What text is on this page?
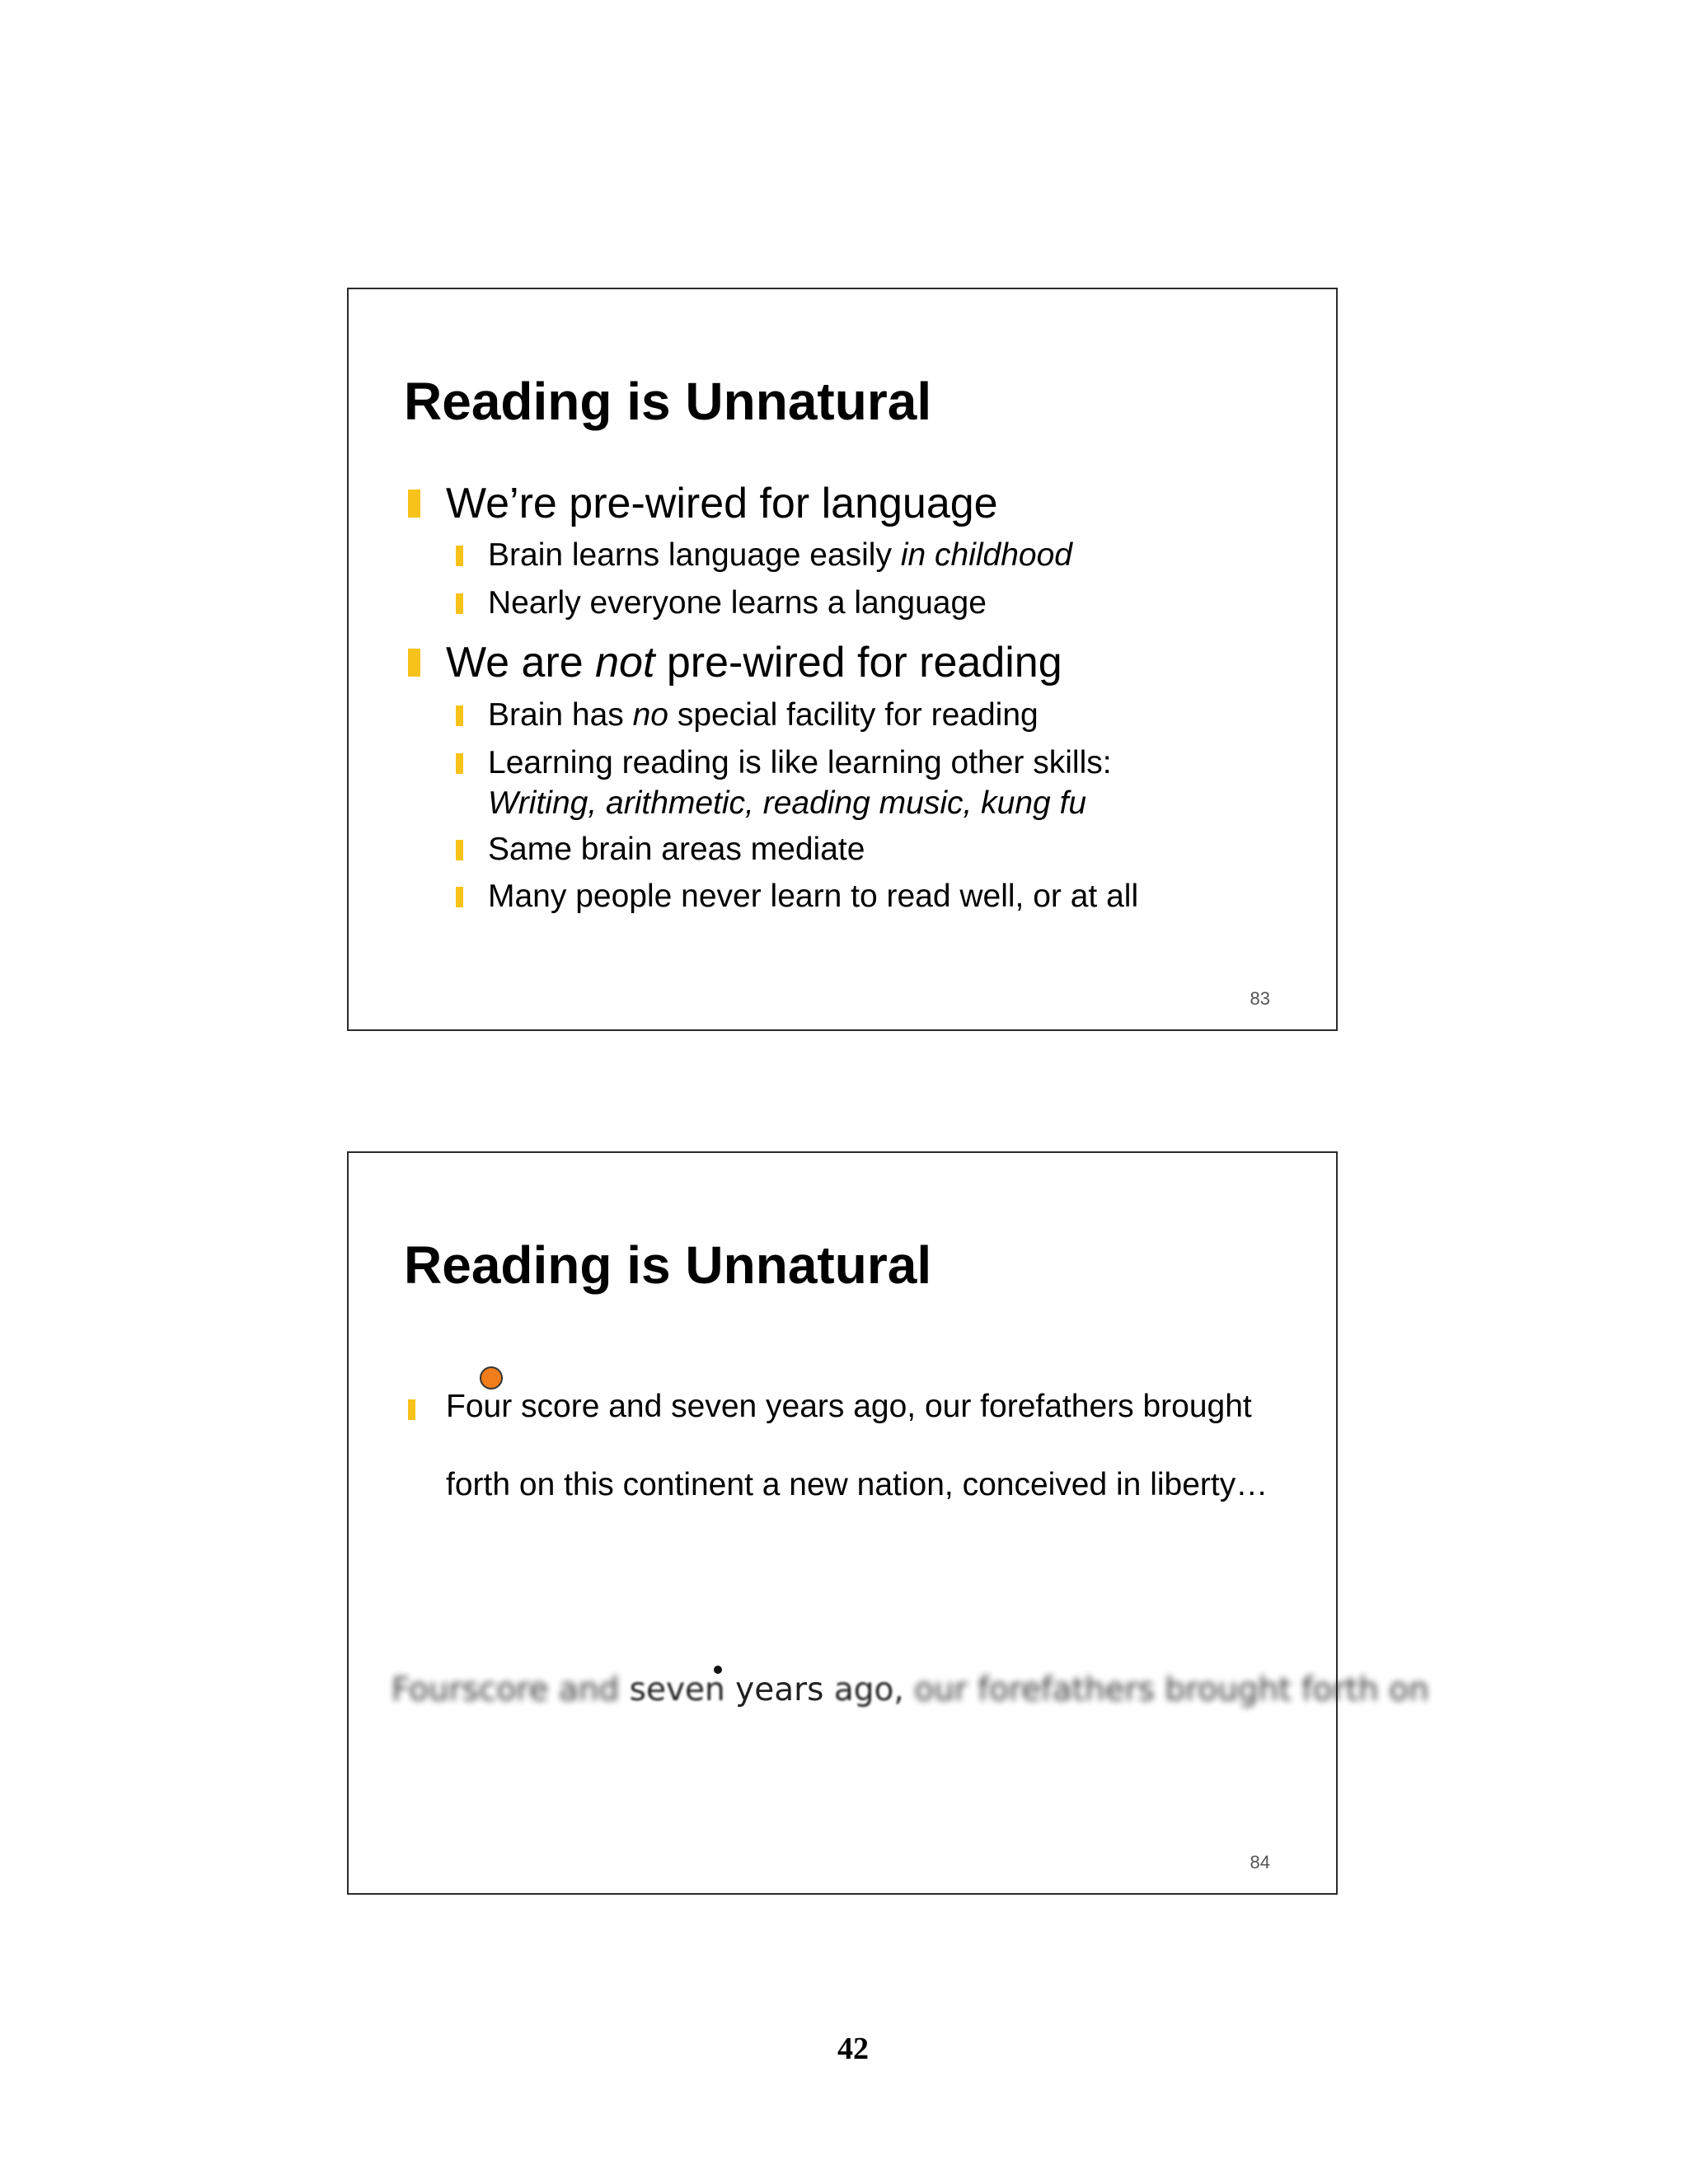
Reading is Unnatural
We’re pre-wired for language
Brain learns language easily in childhood
Nearly everyone learns a language
We are not pre-wired for reading
Brain has no special facility for reading
Learning reading is like learning other skills:
Writing, arithmetic, reading music, kung fu
Same brain areas mediate
Many people never learn to read well, or at all
83
Reading is Unnatural
Four score and seven years ago, our forefathers brought
forth on this continent a new nation, conceived in liberty…
Fourscore and seven years ago, our forefathers brought forth on
84
42
